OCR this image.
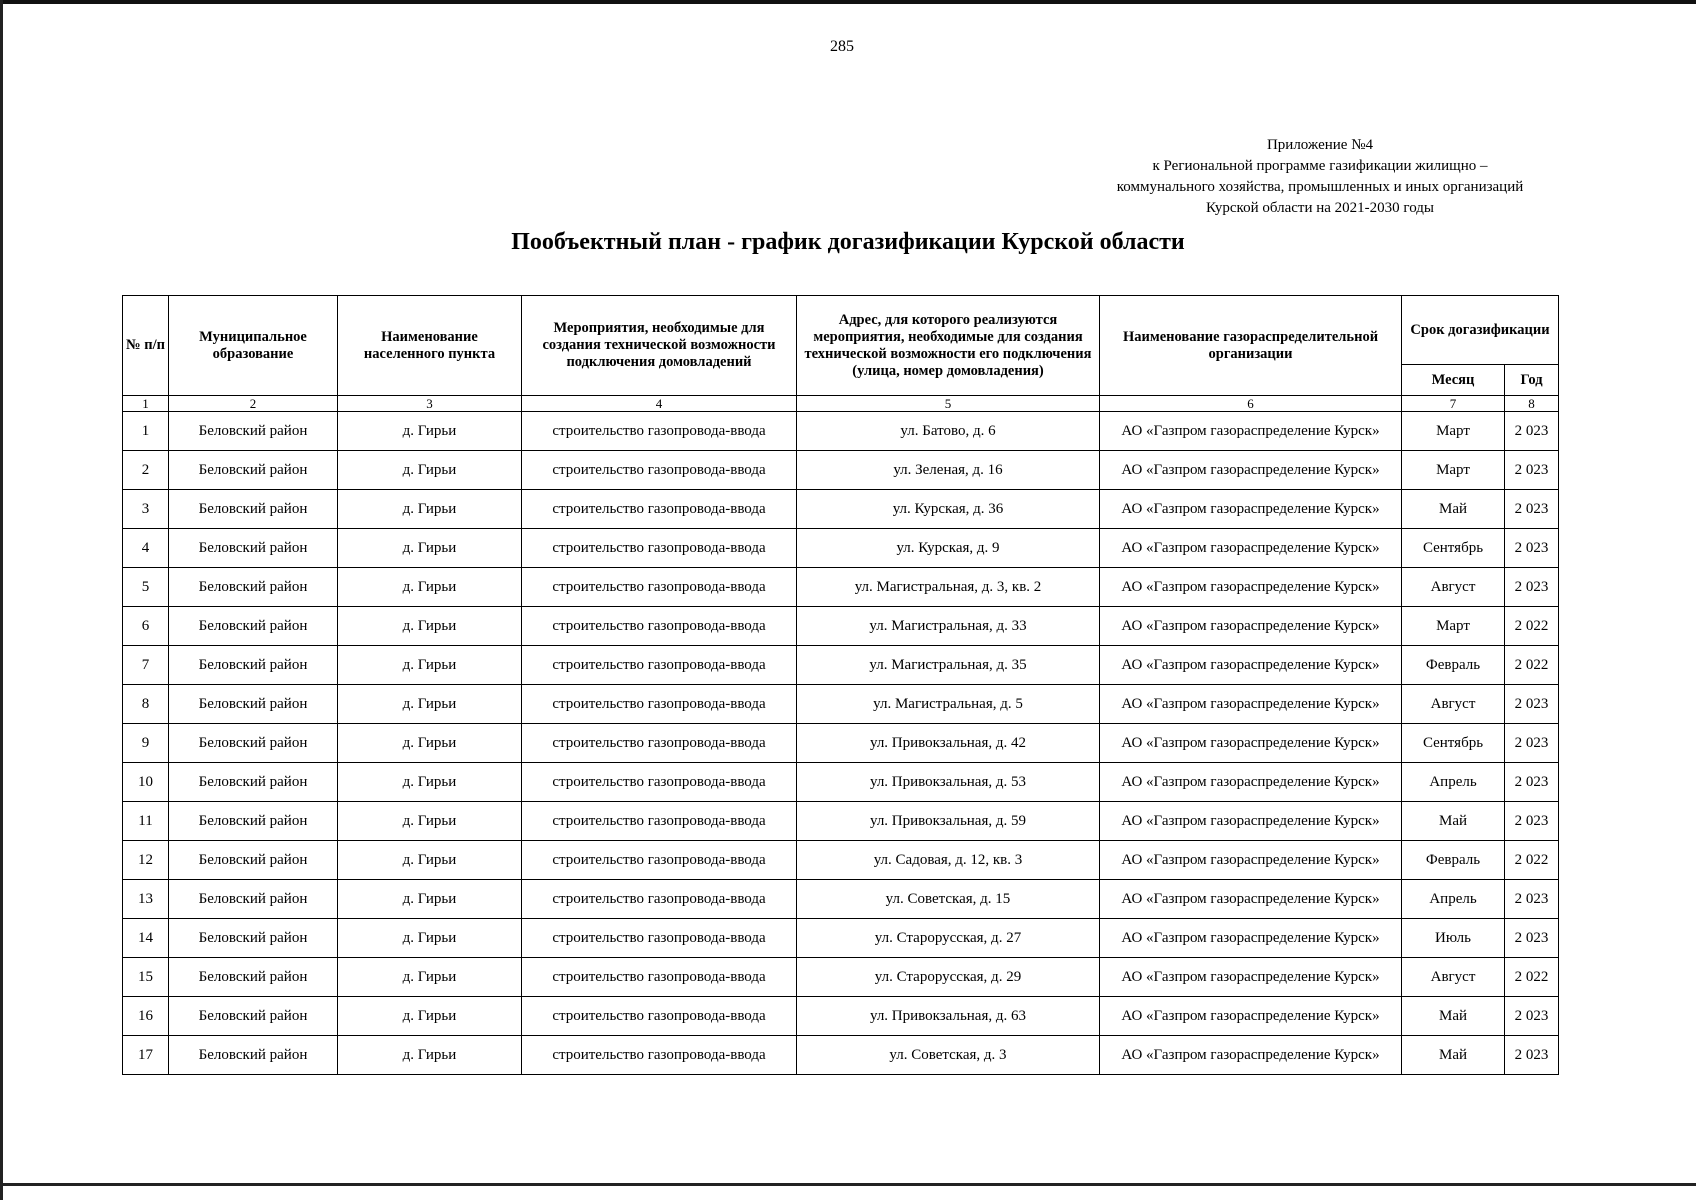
285
Приложение №4
к Региональной программе газификации жилищно –
коммунального хозяйства, промышленных и иных организаций
Курской области на 2021-2030 годы
Пообъектный план - график догазификации Курской области
№ п/п	Муниципальное образование	Наименование населенного пункта	Мероприятия, необходимые для создания технической возможности подключения домовладений	Адрес, для которого реализуются мероприятия, необходимые для создания технической возможности его подключения (улица, номер домовладения)	Наименование газораспределительной организации	Срок догазификации	
						Месяц	Год
1	2	3	4	5	6	7	8
1	Беловский район	д. Гирьи	строительство газопровода-ввода	ул. Батово, д. 6	АО «Газпром газораспределение Курск»	Март	2 023
2	Беловский район	д. Гирьи	строительство газопровода-ввода	ул. Зеленая, д. 16	АО «Газпром газораспределение Курск»	Март	2 023
3	Беловский район	д. Гирьи	строительство газопровода-ввода	ул. Курская, д. 36	АО «Газпром газораспределение Курск»	Май	2 023
4	Беловский район	д. Гирьи	строительство газопровода-ввода	ул. Курская, д. 9	АО «Газпром газораспределение Курск»	Сентябрь	2 023
5	Беловский район	д. Гирьи	строительство газопровода-ввода	ул. Магистральная, д. 3, кв. 2	АО «Газпром газораспределение Курск»	Август	2 023
6	Беловский район	д. Гирьи	строительство газопровода-ввода	ул. Магистральная, д. 33	АО «Газпром газораспределение Курск»	Март	2 022
7	Беловский район	д. Гирьи	строительство газопровода-ввода	ул. Магистральная, д. 35	АО «Газпром газораспределение Курск»	Февраль	2 022
8	Беловский район	д. Гирьи	строительство газопровода-ввода	ул. Магистральная, д. 5	АО «Газпром газораспределение Курск»	Август	2 023
9	Беловский район	д. Гирьи	строительство газопровода-ввода	ул. Привокзальная, д. 42	АО «Газпром газораспределение Курск»	Сентябрь	2 023
10	Беловский район	д. Гирьи	строительство газопровода-ввода	ул. Привокзальная, д. 53	АО «Газпром газораспределение Курск»	Апрель	2 023
11	Беловский район	д. Гирьи	строительство газопровода-ввода	ул. Привокзальная, д. 59	АО «Газпром газораспределение Курск»	Май	2 023
12	Беловский район	д. Гирьи	строительство газопровода-ввода	ул. Садовая, д. 12, кв. 3	АО «Газпром газораспределение Курск»	Февраль	2 022
13	Беловский район	д. Гирьи	строительство газопровода-ввода	ул. Советская, д. 15	АО «Газпром газораспределение Курск»	Апрель	2 023
14	Беловский район	д. Гирьи	строительство газопровода-ввода	ул. Старорусская, д. 27	АО «Газпром газораспределение Курск»	Июль	2 023
15	Беловский район	д. Гирьи	строительство газопровода-ввода	ул. Старорусская, д. 29	АО «Газпром газораспределение Курск»	Август	2 022
16	Беловский район	д. Гирьи	строительство газопровода-ввода	ул. Привокзальная, д. 63	АО «Газпром газораспределение Курск»	Май	2 023
17	Беловский район	д. Гирьи	строительство газопровода-ввода	ул. Советская, д. 3	АО «Газпром газораспределение Курск»	Май	2 023
